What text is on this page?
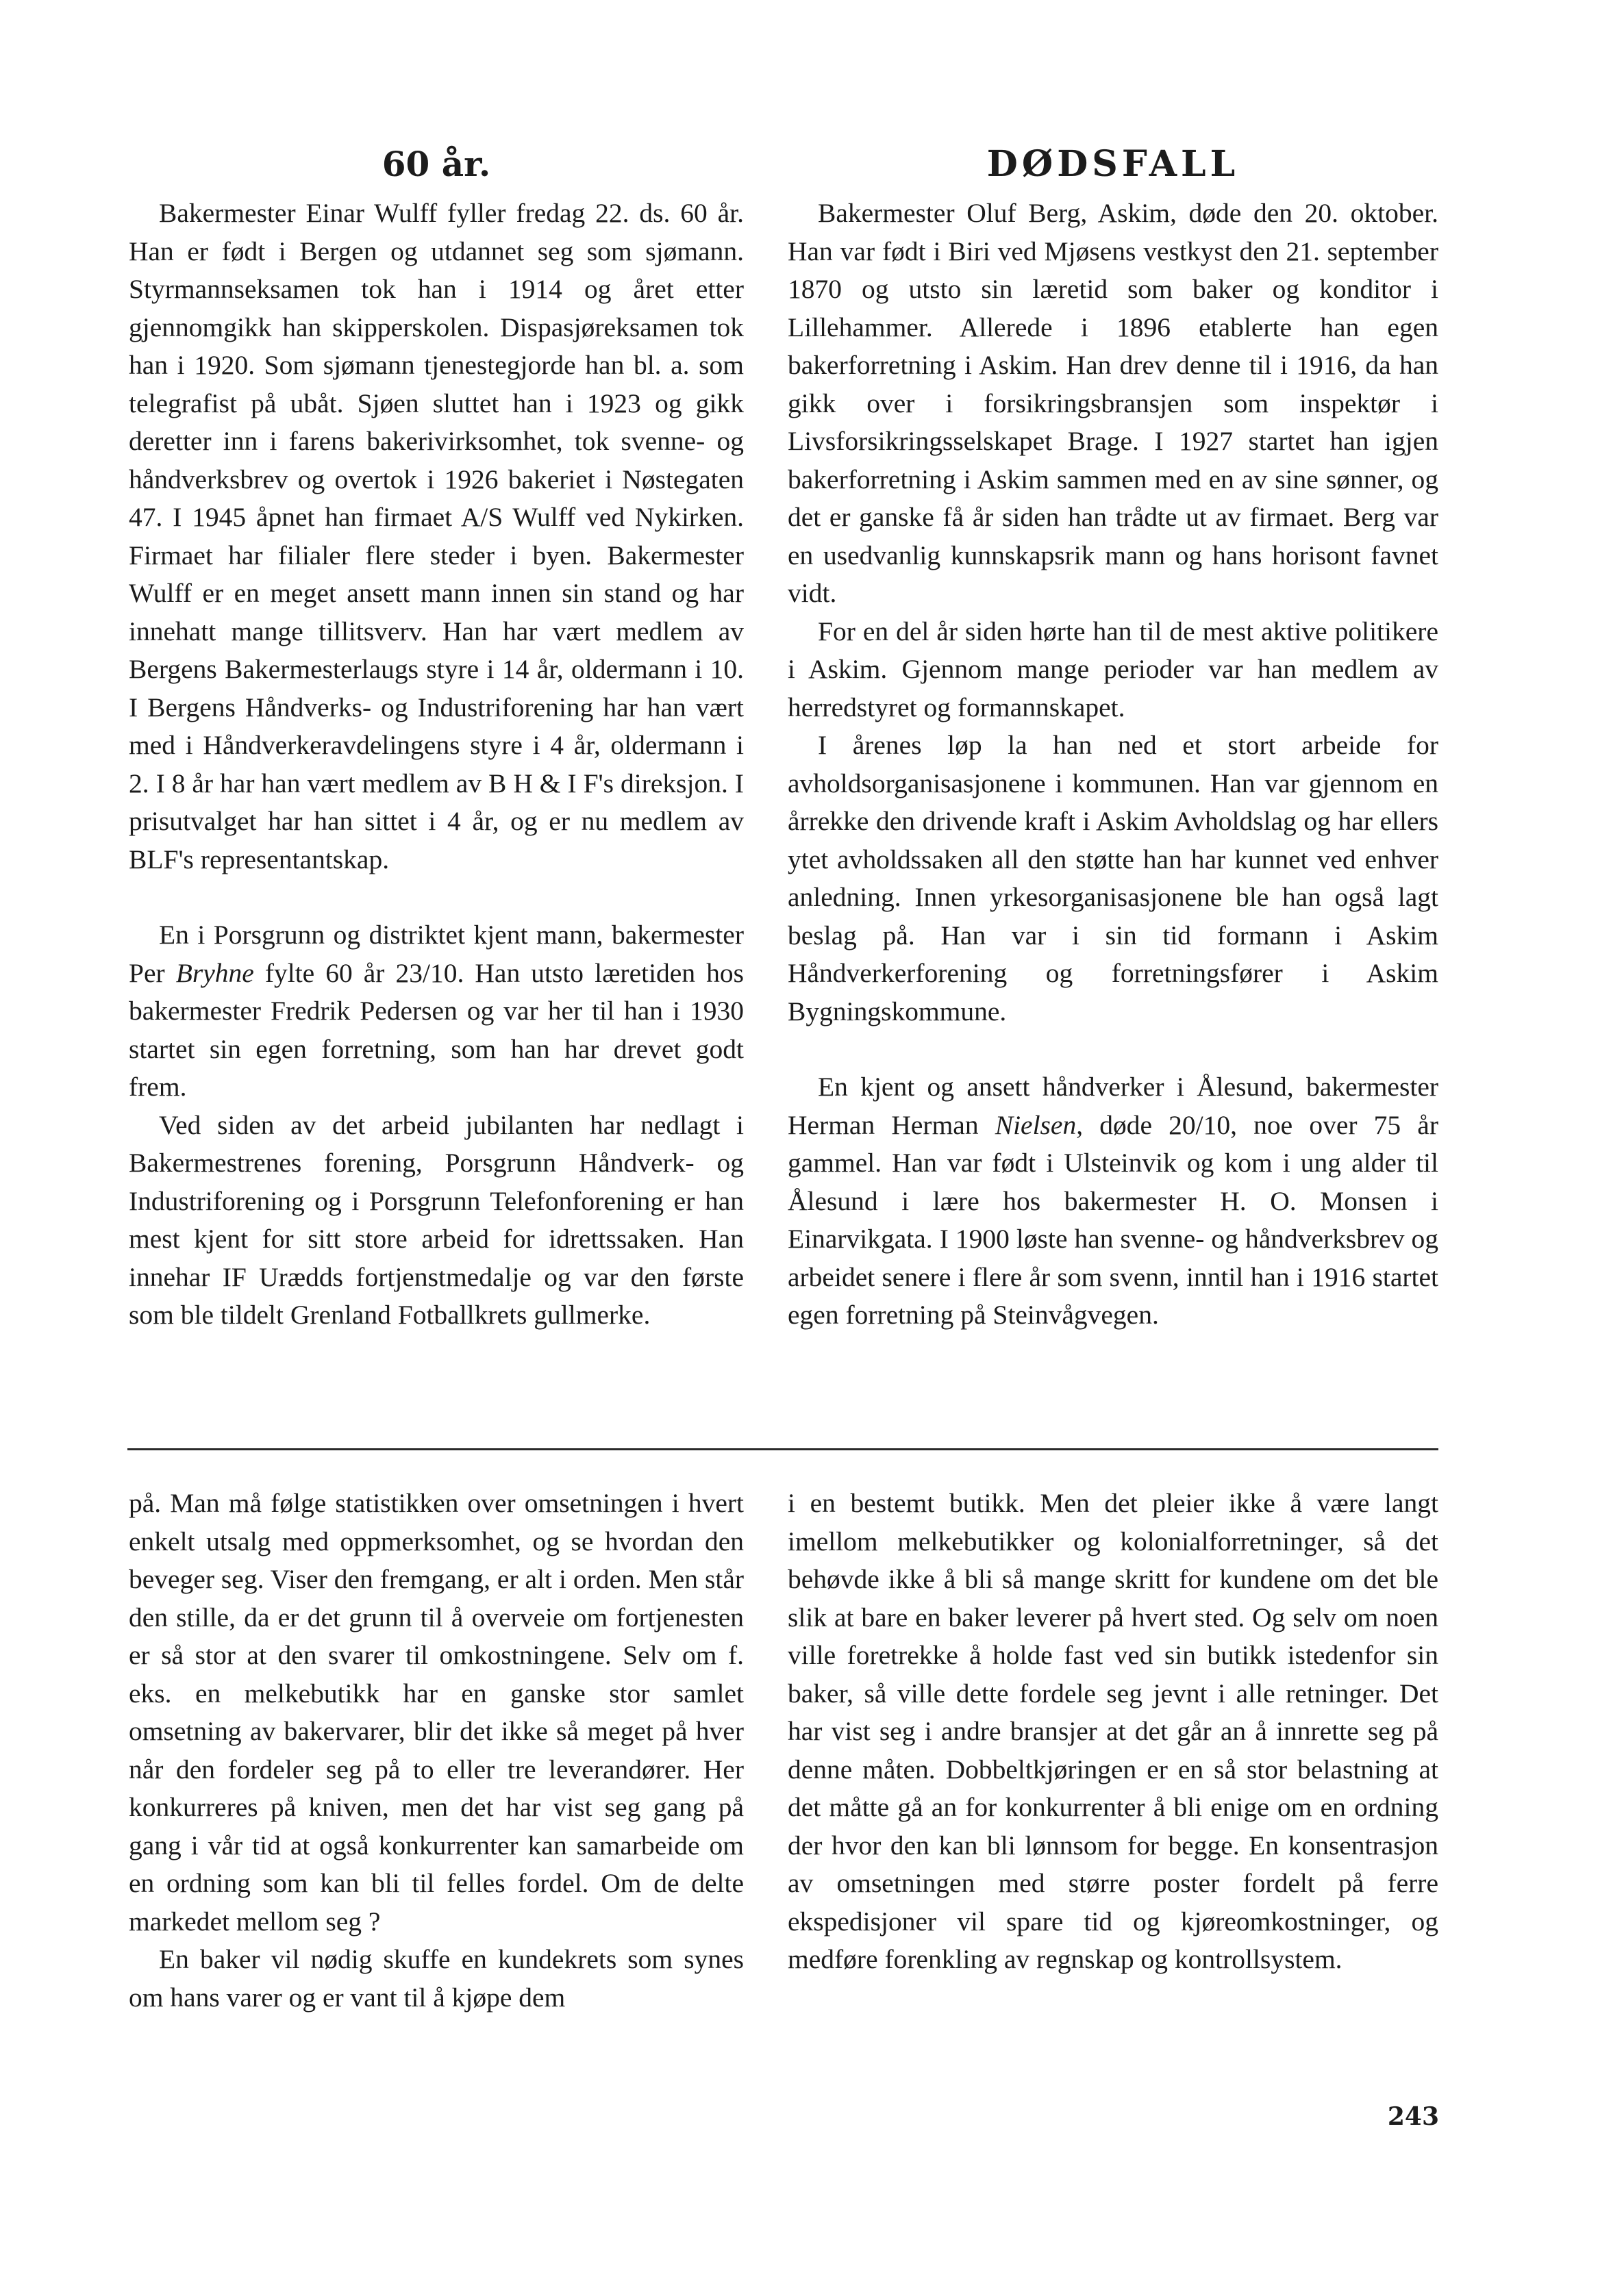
60 år.

Bakermester Einar Wulff fyller fredag 22. ds. 60 år. Han er født i Bergen og utdannet seg som sjømann. Styrmannseksamen tok han i 1914 og året etter gjennomgikk han skipperskolen. Dispasjøreksamen tok han i 1920. Som sjømann tjenestegjorde han bl. a. som telegrafist på ubåt. Sjøen sluttet han i 1923 og gikk deretter inn i farens bakerivirksomhet, tok svenne- og håndverksbrev og overtok i 1926 bakeriet i Nøstegaten 47. I 1945 åpnet han firmaet A/S Wulff ved Nykirken. Firmaet har filialer flere steder i byen. Bakermester Wulff er en meget ansett mann innen sin stand og har innehatt mange tillitsverv. Han har vært medlem av Bergens Bakermesterlaugs styre i 14 år, oldermann i 10. I Bergens Håndverks- og Industriforening har han vært med i Håndverkeravdelingens styre i 4 år, oldermann i 2. I 8 år har han vært medlem av B H & I F's direksjon. I prisutvalget har han sittet i 4 år, og er nu medlem av BLF's representantskap.

En i Porsgrunn og distriktet kjent mann, bakermester Per Bryhne fylte 60 år 23/10. Han utsto læretiden hos bakermester Fredrik Pedersen og var her til han i 1930 startet sin egen forretning, som han har drevet godt frem.

Ved siden av det arbeid jubilanten har nedlagt i Bakermestrenes forening, Porsgrunn Håndverk- og Industriforening og i Porsgrunn Telefonforening er han mest kjent for sitt store arbeid for idrettssaken. Han innehar IF Urædds fortjenstmedalje og var den første som ble tildelt Grenland Fotballkrets gullmerke.

DØDSFALL

Bakermester Oluf Berg, Askim, døde den 20. oktober. Han var født i Biri ved Mjøsens vestkyst den 21. september 1870 og utsto sin læretid som baker og konditor i Lillehammer. Allerede i 1896 etablerte han egen bakerforretning i Askim. Han drev denne til i 1916, da han gikk over i forsikringsbransjen som inspektør i Livsforsikringsselskapet Brage. I 1927 startet han igjen bakerforretning i Askim sammen med en av sine sønner, og det er ganske få år siden han trådte ut av firmaet. Berg var en usedvanlig kunnskapsrik mann og hans horisont favnet vidt.

For en del år siden hørte han til de mest aktive politikere i Askim. Gjennom mange perioder var han medlem av herredstyret og formannskapet.

I årenes løp la han ned et stort arbeide for avholdsorganisasjonene i kommunen. Han var gjennom en årrekke den drivende kraft i Askim Avholdslag og har ellers ytet avholdssaken all den støtte han har kunnet ved enhver anledning. Innen yrkesorganisasjonene ble han også lagt beslag på. Han var i sin tid formann i Askim Håndverkerforening og forretningsfører i Askim Bygningskommune.

En kjent og ansett håndverker i Ålesund, bakermester Herman Herman Nielsen, døde 20/10, noe over 75 år gammel. Han var født i Ulsteinvik og kom i ung alder til Ålesund i lære hos bakermester H. O. Monsen i Einarvikgata. I 1900 løste han svenne- og håndverksbrev og arbeidet senere i flere år som svenn, inntil han i 1916 startet egen forretning på Steinvågvegen.

på. Man må følge statistikken over omsetningen i hvert enkelt utsalg med oppmerksomhet, og se hvordan den beveger seg. Viser den fremgang, er alt i orden. Men står den stille, da er det grunn til å overveie om fortjenesten er så stor at den svarer til omkostningene. Selv om f. eks. en melkebutikk har en ganske stor samlet omsetning av bakervarer, blir det ikke så meget på hver når den fordeler seg på to eller tre leverandører. Her konkurreres på kniven, men det har vist seg gang på gang i vår tid at også konkurrenter kan samarbeide om en ordning som kan bli til felles fordel. Om de delte markedet mellom seg ?

En baker vil nødig skuffe en kundekrets som synes om hans varer og er vant til å kjøpe dem

i en bestemt butikk. Men det pleier ikke å være langt imellom melkebutikker og kolonialforretninger, så det behøvde ikke å bli så mange skritt for kundene om det ble slik at bare en baker leverer på hvert sted. Og selv om noen ville foretrekke å holde fast ved sin butikk istedenfor sin baker, så ville dette fordele seg jevnt i alle retninger. Det har vist seg i andre bransjer at det går an å innrette seg på denne måten. Dobbeltkjøringen er en så stor belastning at det måtte gå an for konkurrenter å bli enige om en ordning der hvor den kan bli lønnsom for begge. En konsentrasjon av omsetningen med større poster fordelt på ferre ekspedisjoner vil spare tid og kjøreomkostninger, og medføre forenkling av regnskap og kontrollsystem.

243
